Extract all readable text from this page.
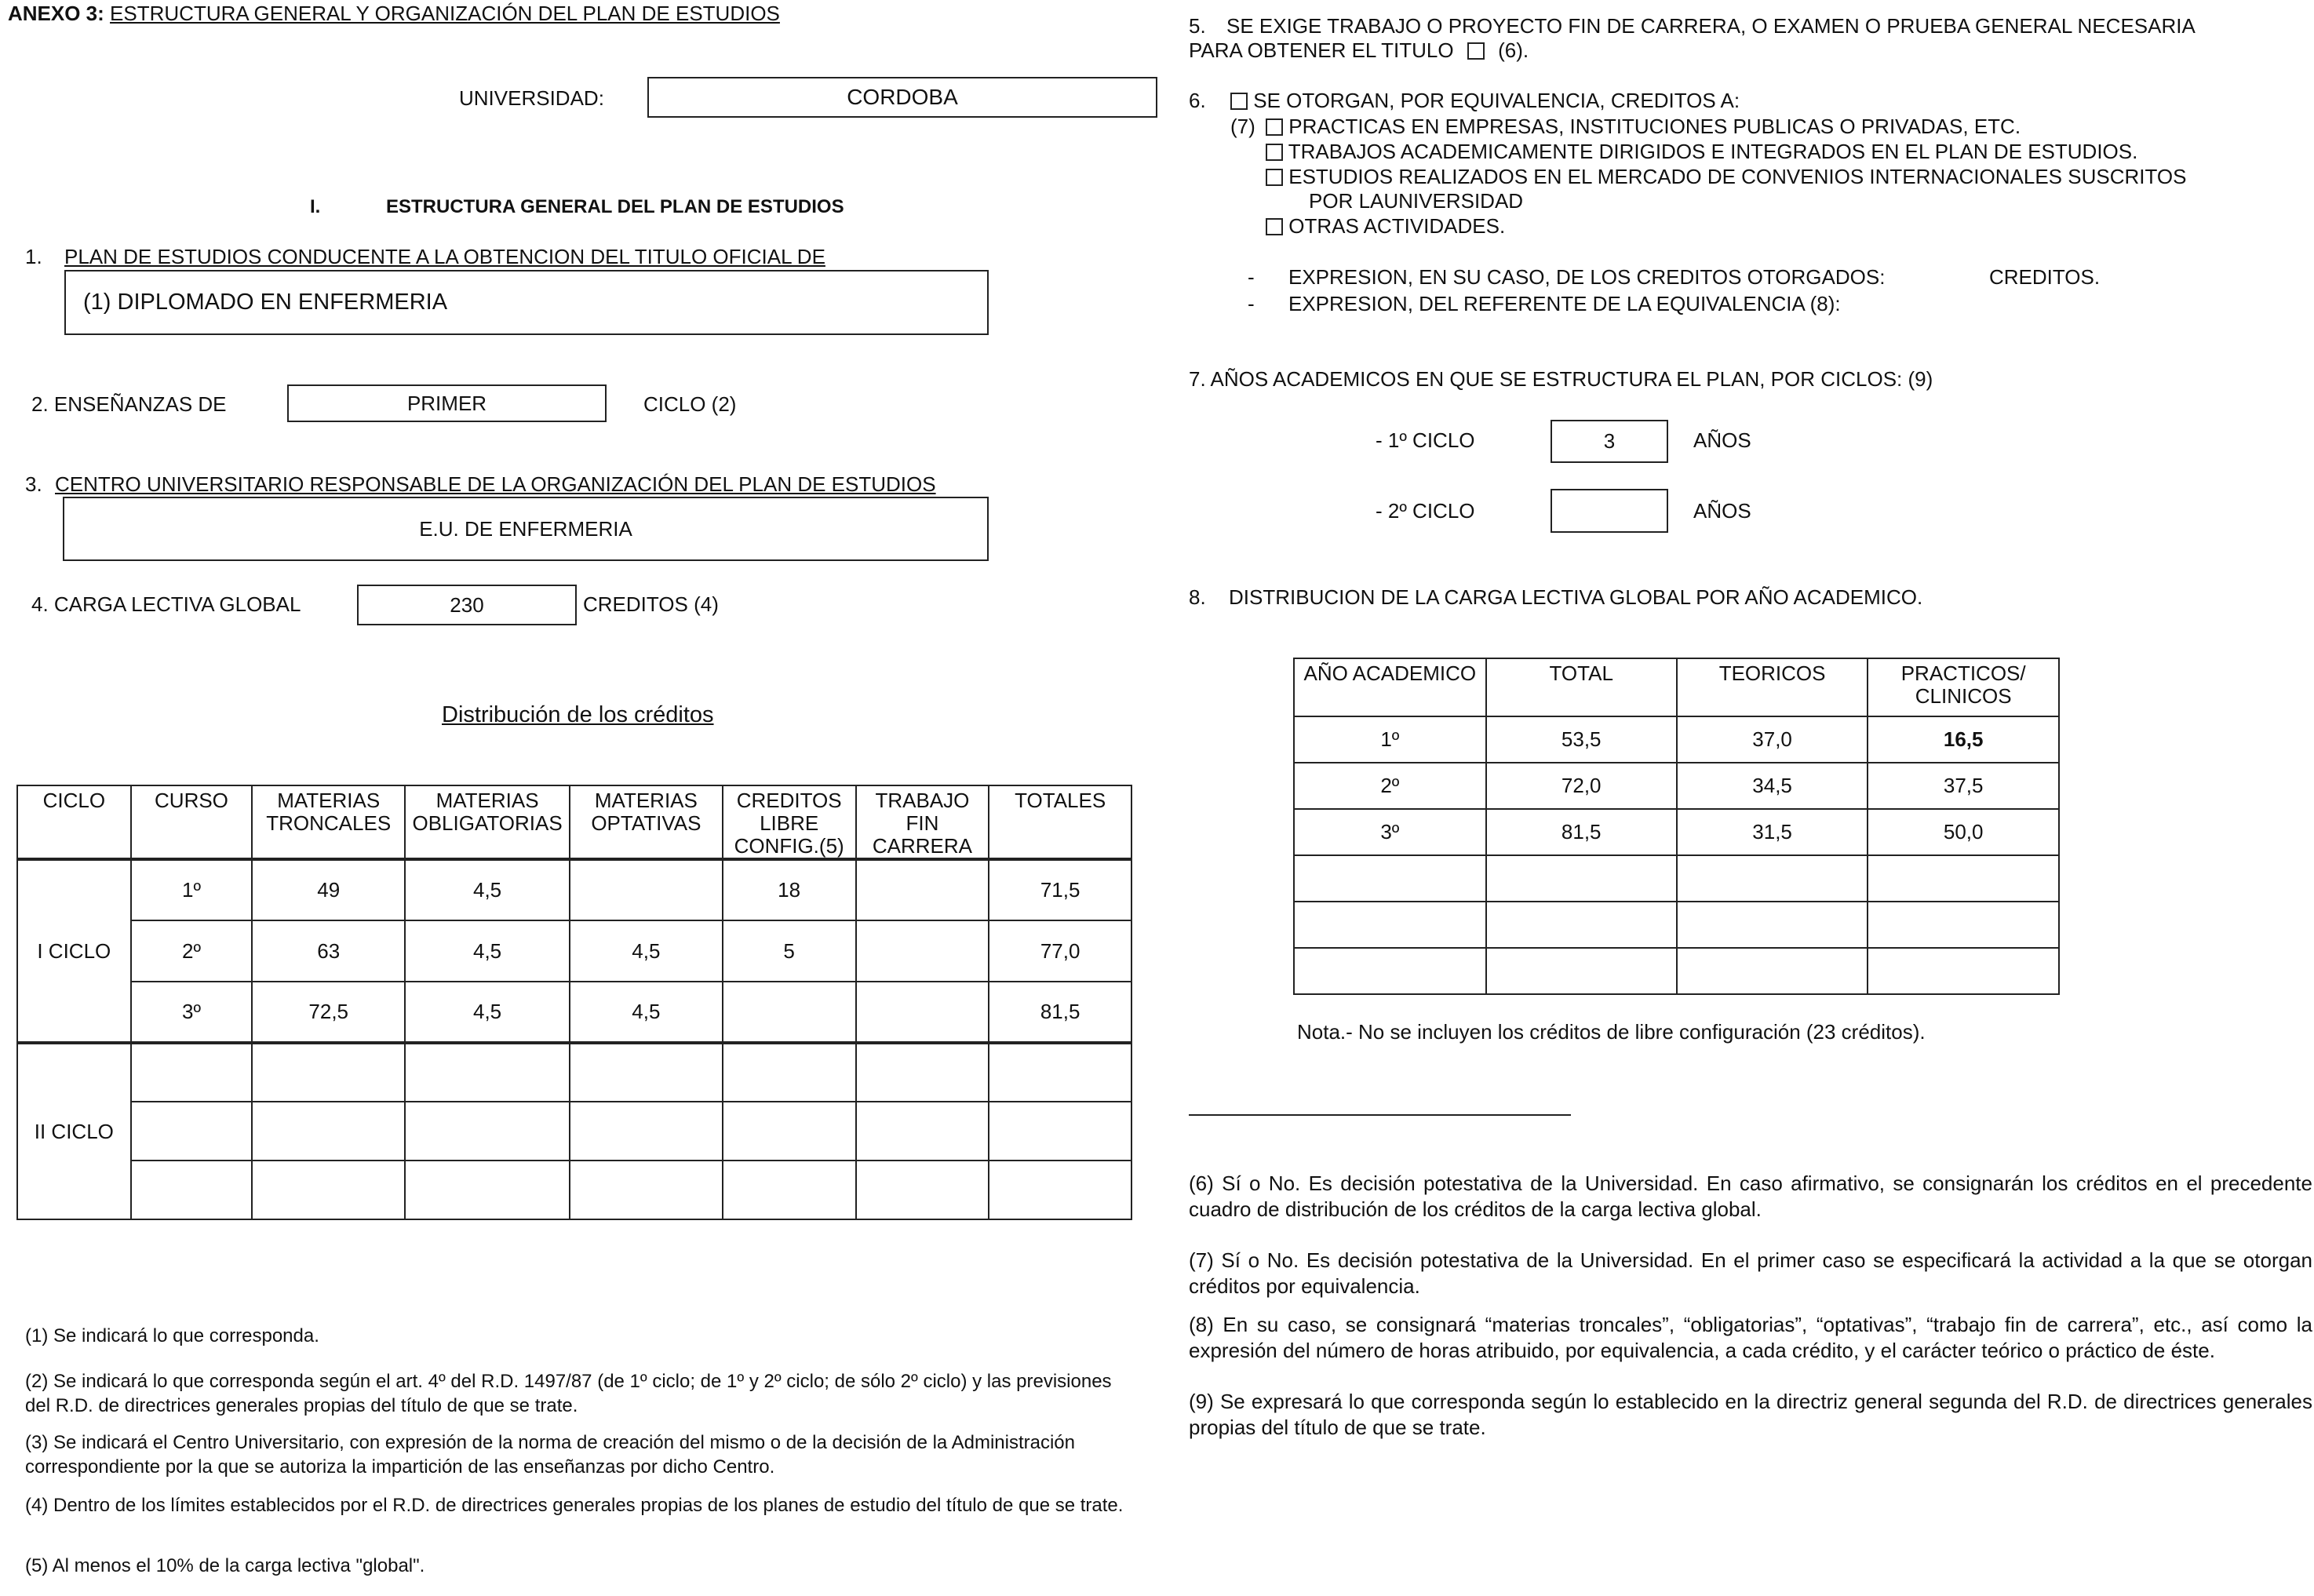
ANEXO 3: ESTRUCTURA GENERAL Y ORGANIZACIÓN DEL PLAN DE ESTUDIOS
UNIVERSIDAD:	CORDOBA
I.	ESTRUCTURA GENERAL DEL PLAN DE ESTUDIOS
1. PLAN DE ESTUDIOS CONDUCENTE A LA OBTENCION DEL TITULO OFICIAL DE
(1) DIPLOMADO EN ENFERMERIA
2. ENSEÑANZAS DE	PRIMER	CICLO (2)
3. CENTRO UNIVERSITARIO RESPONSABLE DE LA ORGANIZACIÓN DEL PLAN DE ESTUDIOS
E.U. DE ENFERMERIA
4. CARGA LECTIVA GLOBAL	230	CREDITOS (4)
Distribución de los créditos
CICLO	CURSO	MATERIAS TRONCALES	MATERIAS OBLIGATORIAS	MATERIAS OPTATIVAS	CREDITOS LIBRE CONFIG.(5)	TRABAJO FIN CARRERA	TOTALES
I CICLO	1º	49	4,5		18		71,5
	2º	63	4,5	4,5	5		77,0
	3º	72,5	4,5	4,5			81,5
II CICLO							

(1) Se indicará lo que corresponda.
(2) Se indicará lo que corresponda según el art. 4º del R.D. 1497/87 (de 1º ciclo; de 1º y 2º ciclo; de sólo 2º ciclo) y las previsiones del R.D. de directrices generales propias del título de que se trate.
(3) Se indicará el Centro Universitario, con expresión de la norma de creación del mismo o de la decisión de la Administración correspondiente por la que se autoriza la impartición de las enseñanzas por dicho Centro.
(4) Dentro de los límites establecidos por el R.D. de directrices generales propias de los planes de estudio del título de que se trate.
(5) Al menos el 10% de la carga lectiva "global".
5. SE EXIGE TRABAJO O PROYECTO FIN DE CARRERA, O EXAMEN O PRUEBA GENERAL NECESARIA
PARA OBTENER EL TITULO (6).
6.	SE OTORGAN, POR EQUIVALENCIA, CREDITOS A:
(7)	PRACTICAS EN EMPRESAS, INSTITUCIONES PUBLICAS O PRIVADAS, ETC.
TRABAJOS ACADEMICAMENTE DIRIGIDOS E INTEGRADOS EN EL PLAN DE ESTUDIOS.
ESTUDIOS REALIZADOS EN EL MERCADO DE CONVENIOS INTERNACIONALES SUSCRITOS
POR LAUNIVERSIDAD
OTRAS ACTIVIDADES.
- EXPRESION, EN SU CASO, DE LOS CREDITOS OTORGADOS:	CREDITOS.
- EXPRESION, DEL REFERENTE DE LA EQUIVALENCIA (8):
7. AÑOS ACADEMICOS EN QUE SE ESTRUCTURA EL PLAN, POR CICLOS: (9)
- 1º CICLO	3	AÑOS
- 2º CICLO	AÑOS
8. DISTRIBUCION DE LA CARGA LECTIVA GLOBAL POR AÑO ACADEMICO.
AÑO ACADEMICO	TOTAL	TEORICOS	PRACTICOS/ CLINICOS
1º	53,5	37,0	16,5
2º	72,0	34,5	37,5
3º	81,5	31,5	50,0

Nota.- No se incluyen los créditos de libre configuración (23 créditos).
(6) Sí o No. Es decisión potestativa de la Universidad. En caso afirmativo, se consignarán los créditos en el precedente cuadro de distribución de los créditos de la carga lectiva global.
(7) Sí o No. Es decisión potestativa de la Universidad. En el primer caso se especificará la actividad a la que se otorgan créditos por equivalencia.
(8) En su caso, se consignará “materias troncales”, “obligatorias”, “optativas”, “trabajo fin de carrera”, etc., así como la expresión del número de horas atribuido, por equivalencia, a cada crédito, y el carácter teórico o práctico de éste.
(9) Se expresará lo que corresponda según lo establecido en la directriz general segunda del R.D. de directrices generales propias del título de que se trate.
